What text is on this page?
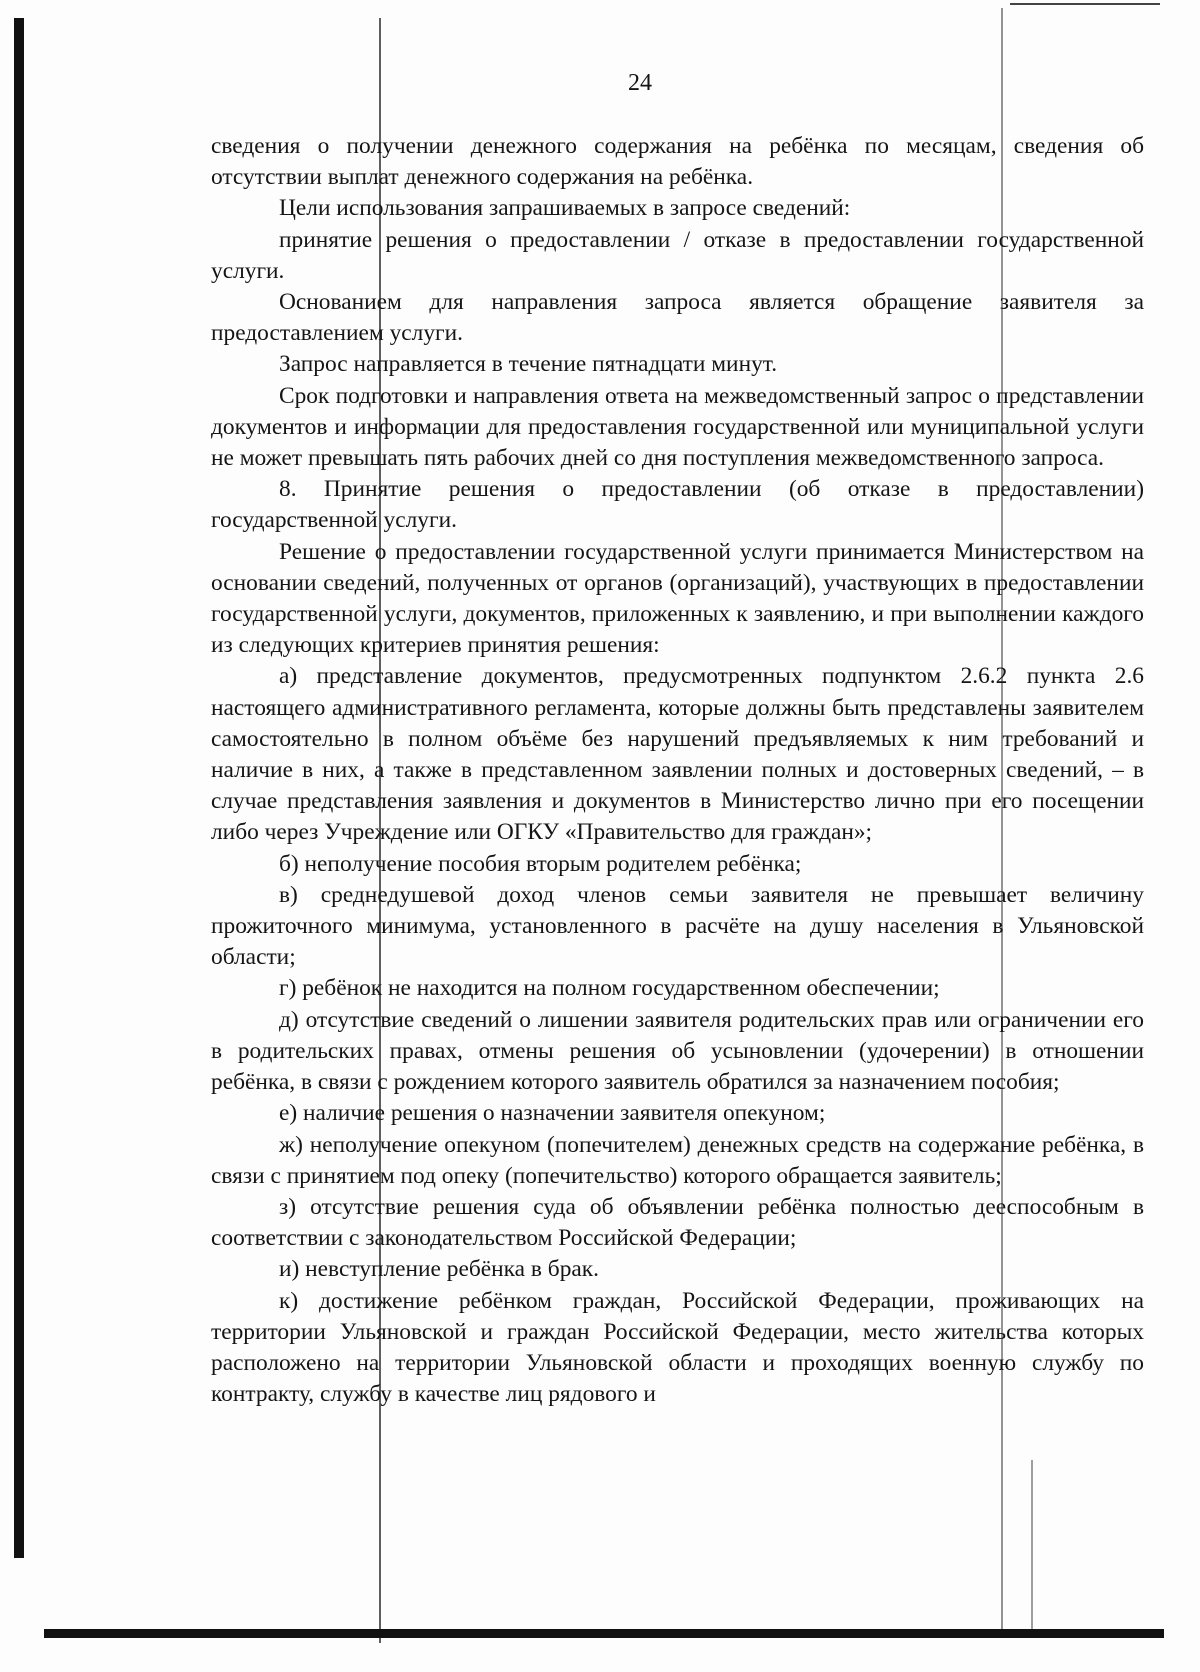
24

сведения о получении денежного содержания на ребёнка по месяцам, сведения об отсутствии выплат денежного содержания на ребёнка.

Цели использования запрашиваемых в запросе сведений:

принятие решения о предоставлении / отказе в предоставлении государственной услуги.

Основанием для направления запроса является обращение заявителя за предоставлением услуги.

Запрос направляется в течение пятнадцати минут.

Срок подготовки и направления ответа на межведомственный запрос о представлении документов и информации для предоставления государственной или муниципальной услуги не может превышать пять рабочих дней со дня поступления межведомственного запроса.

8. Принятие решения о предоставлении (об отказе в предоставлении) государственной услуги.

Решение о предоставлении государственной услуги принимается Министерством на основании сведений, полученных от органов (организаций), участвующих в предоставлении государственной услуги, документов, приложенных к заявлению, и при выполнении каждого из следующих критериев принятия решения:

а) представление документов, предусмотренных подпунктом 2.6.2 пункта 2.6 настоящего административного регламента, которые должны быть представлены заявителем самостоятельно в полном объёме без нарушений предъявляемых к ним требований и наличие в них, а также в представленном заявлении полных и достоверных сведений, – в случае представления заявления и документов в Министерство лично при его посещении либо через Учреждение или ОГКУ «Правительство для граждан»;

б) неполучение пособия вторым родителем ребёнка;

в) среднедушевой доход членов семьи заявителя не превышает величину прожиточного минимума, установленного в расчёте на душу населения в Ульяновской области;

г) ребёнок не находится на полном государственном обеспечении;

д) отсутствие сведений о лишении заявителя родительских прав или ограничении его в родительских правах, отмены решения об усыновлении (удочерении) в отношении ребёнка, в связи с рождением которого заявитель обратился за назначением пособия;

е) наличие решения о назначении заявителя опекуном;

ж) неполучение опекуном (попечителем) денежных средств на содержание ребёнка, в связи с принятием под опеку (попечительство) которого обращается заявитель;

з) отсутствие решения суда об объявлении ребёнка полностью дееспособным в соответствии с законодательством Российской Федерации;

и) невступление ребёнка в брак.

к) достижение ребёнком граждан, Российской Федерации, проживающих на территории Ульяновской и граждан Российской Федерации, место жительства которых расположено на территории Ульяновской области и проходящих военную службу по контракту, службу в качестве лиц рядового и
